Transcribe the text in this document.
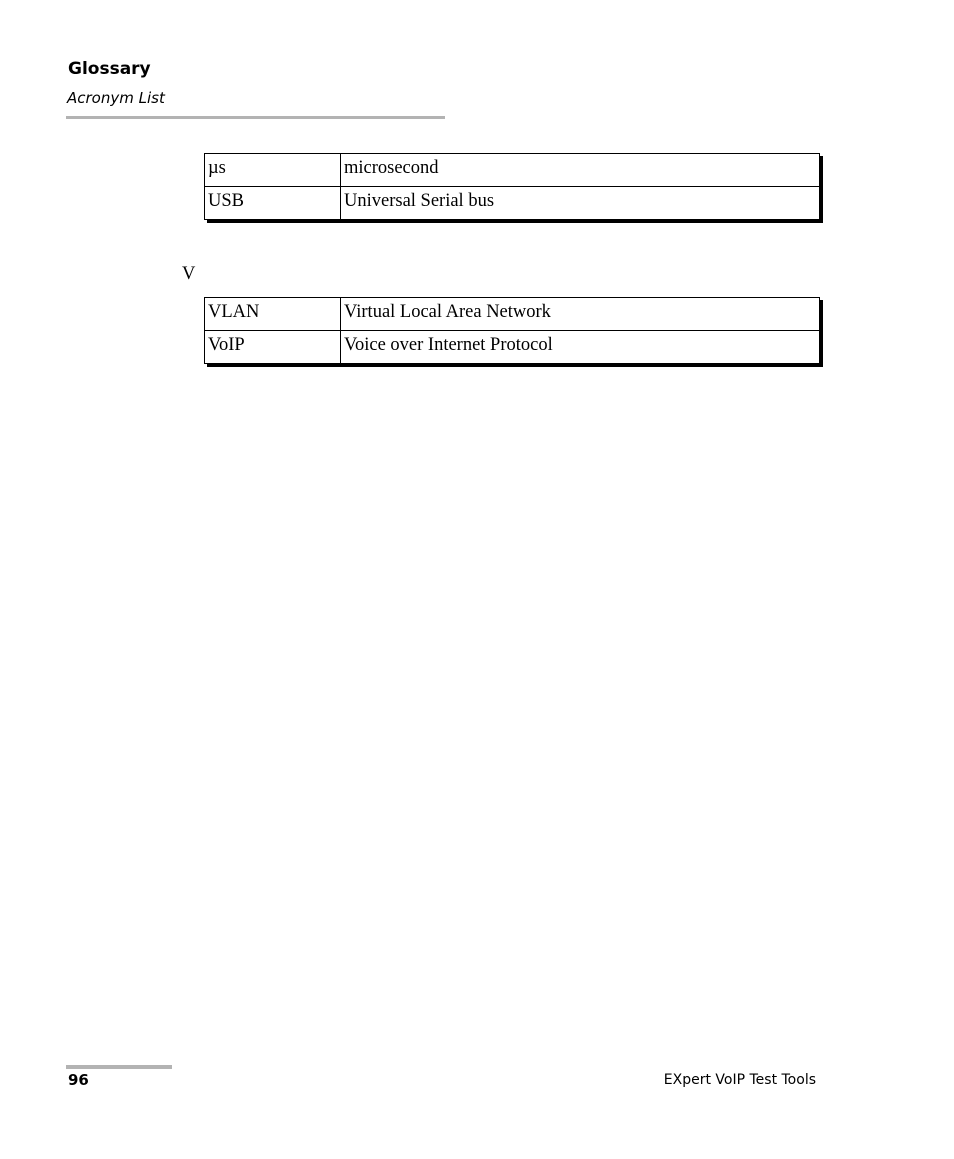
Glossary
Acronym List
µs	microsecond
USB	Universal Serial bus
V
VLAN	Virtual Local Area Network
VoIP	Voice over Internet Protocol
96	EXpert VoIP Test Tools
